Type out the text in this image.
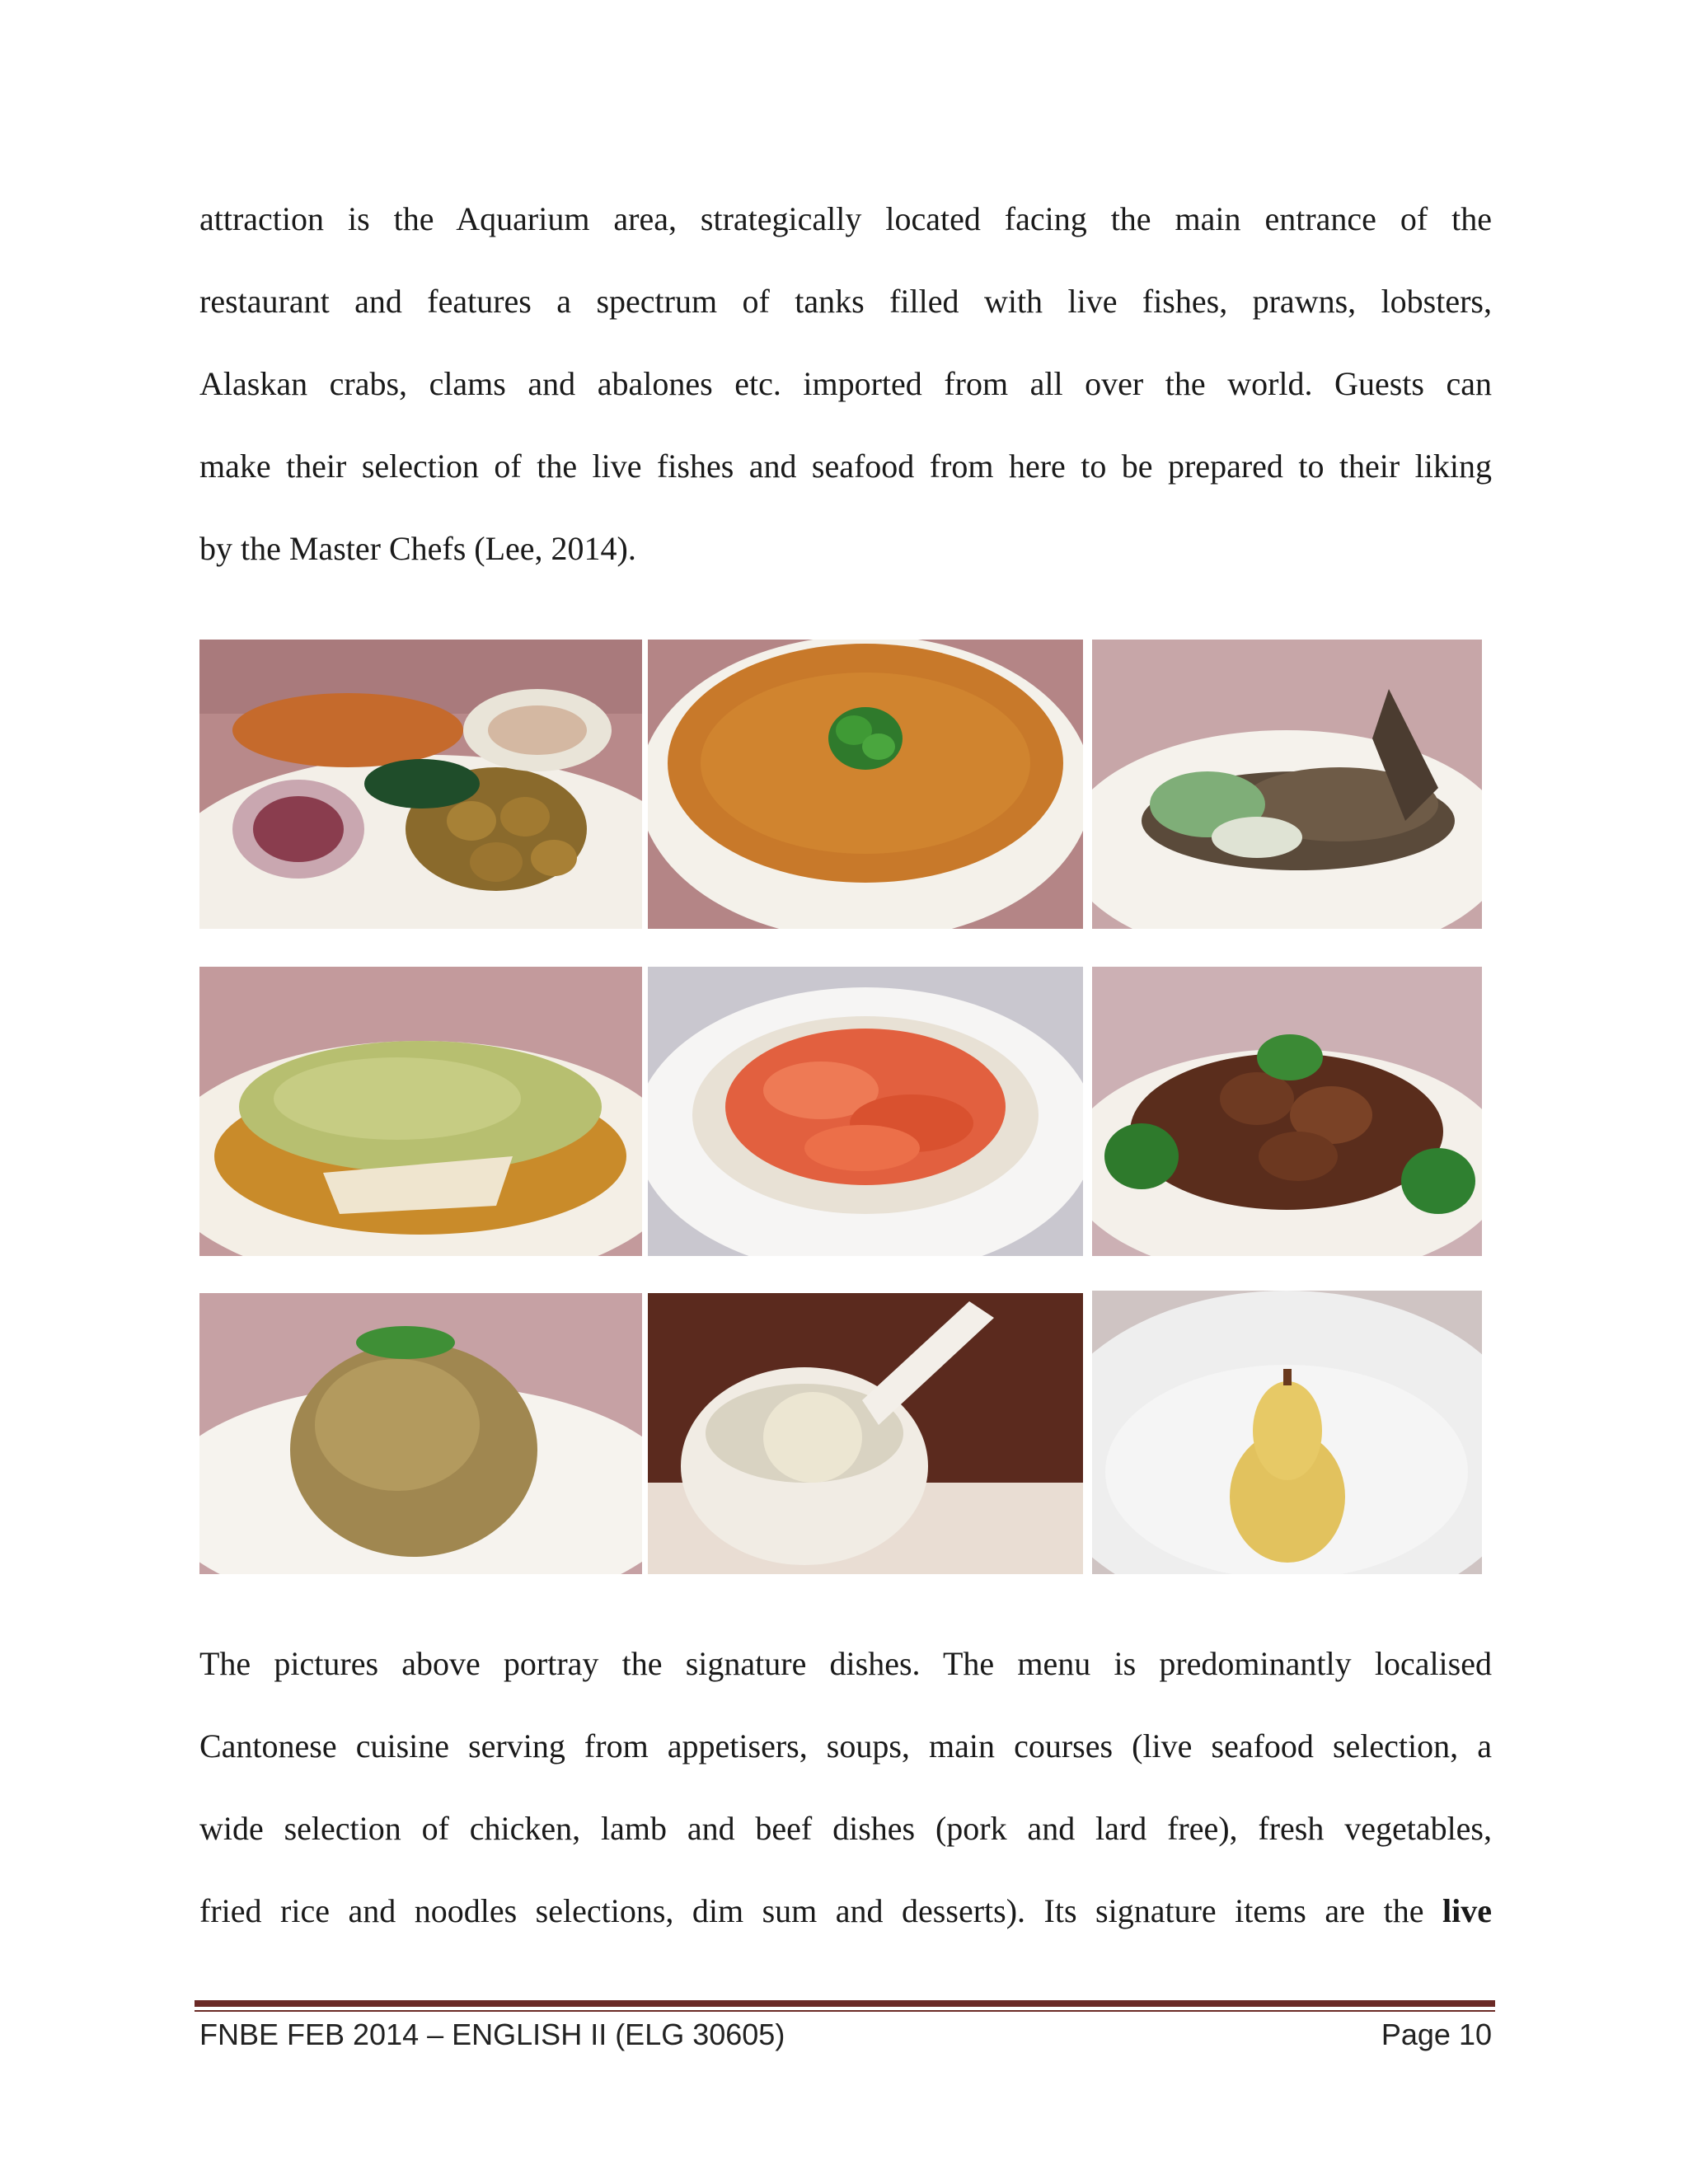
attraction is the Aquarium area, strategically located facing the main entrance of the
restaurant and features a spectrum of tanks filled with live fishes, prawns, lobsters,
Alaskan crabs, clams and abalones etc. imported from all over the world. Guests can
make their selection of the live fishes and seafood from here to be prepared to their liking
by the Master Chefs (Lee, 2014).
The pictures above portray the signature dishes. The menu is predominantly localised
Cantonese cuisine serving from appetisers, soups, main courses (live seafood selection, a
wide selection of chicken, lamb and beef dishes (pork and lard free), fresh vegetables,
fried rice and noodles selections, dim sum and desserts). Its signature items are the live
FNBE FEB 2014 – ENGLISH II (ELG 30605)	Page 10
